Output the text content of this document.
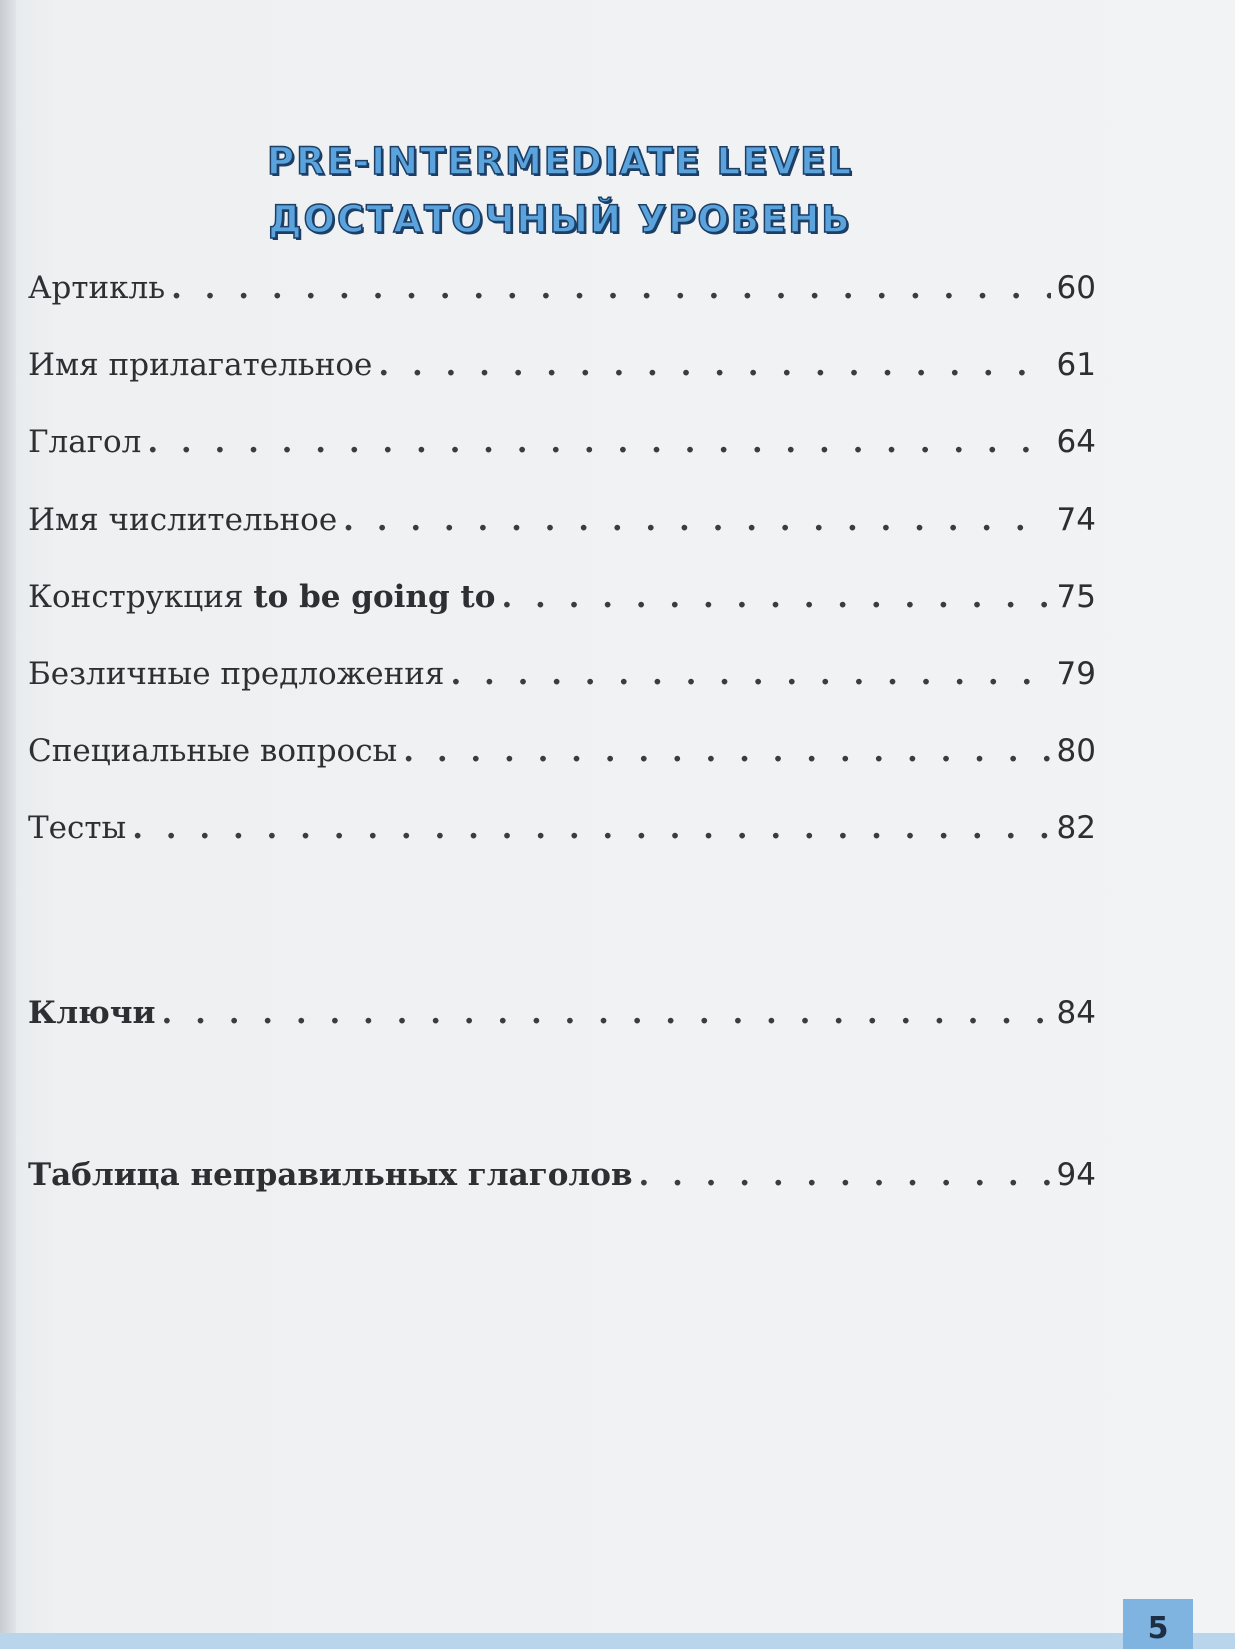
PRE-INTERMEDIATE LEVEL
ДОСТАТОЧНЫЙ УРОВЕНЬ
Артикль . . .	60
Имя прилагательное . . .	61
Глагол . . .	64
Имя числительное . . .	74
Конструкция to be going to . . .	75
Безличные предложения . . .	79
Специальные вопросы . . .	80
Тесты . . .	82
Ключи . . .	84
Таблица неправильных глаголов . . .	94
5
